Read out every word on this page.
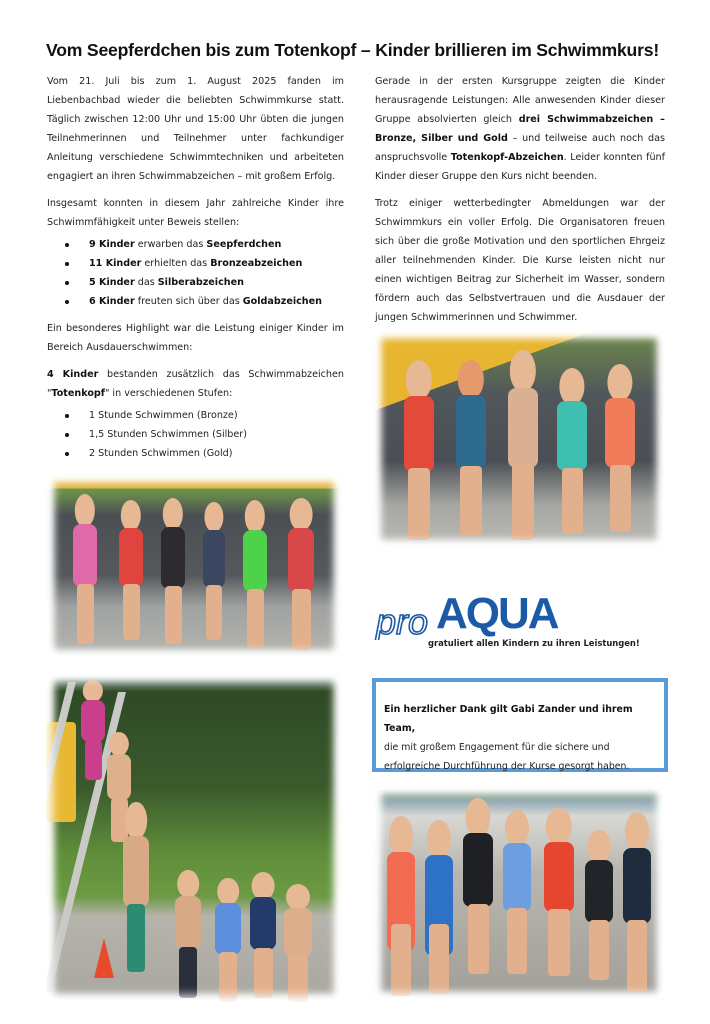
Vom Seepferdchen bis zum Totenkopf – Kinder brillieren im Schwimmkurs!

Vom 21. Juli bis zum 1. August 2025 fanden im Liebenbachbad wieder die beliebten Schwimmkurse statt. Täglich zwischen 12:00 Uhr und 15:00 Uhr übten die jungen Teilnehmerinnen und Teilnehmer unter fachkundiger Anleitung verschiedene Schwimmtechniken und arbeiteten engagiert an ihren Schwimmabzeichen – mit großem Erfolg.

Insgesamt konnten in diesem Jahr zahlreiche Kinder ihre Schwimmfähigkeit unter Beweis stellen:

9 Kinder erwarben das Seepferdchen
11 Kinder erhielten das Bronzeabzeichen
5 Kinder das Silberabzeichen
6 Kinder freuten sich über das Goldabzeichen

Ein besonderes Highlight war die Leistung einiger Kinder im Bereich Ausdauerschwimmen:

4 Kinder bestanden zusätzlich das Schwimmabzeichen "Totenkopf" in verschiedenen Stufen:

1 Stunde Schwimmen (Bronze)
1,5 Stunden Schwimmen (Silber)
2 Stunden Schwimmen (Gold)

Gerade in der ersten Kursgruppe zeigten die Kinder herausragende Leistungen: Alle anwesenden Kinder dieser Gruppe absolvierten gleich drei Schwimmabzeichen – Bronze, Silber und Gold – und teilweise auch noch das anspruchsvolle Totenkopf-Abzeichen. Leider konnten fünf Kinder dieser Gruppe den Kurs nicht beenden.

Trotz einiger wetterbedingter Abmeldungen war der Schwimmkurs ein voller Erfolg. Die Organisatoren freuen sich über die große Motivation und den sportlichen Ehrgeiz aller teilnehmenden Kinder. Die Kurse leisten nicht nur einen wichtigen Beitrag zur Sicherheit im Wasser, sondern fördern auch das Selbstvertrauen und die Ausdauer der jungen Schwimmerinnen und Schwimmer.

pro AQUA
gratuliert allen Kindern zu ihren Leistungen!
Ein herzlicher Dank gilt Gabi Zander und ihrem Team,
die mit großem Engagement für die sichere und erfolgreiche Durchführung der Kurse gesorgt haben.
